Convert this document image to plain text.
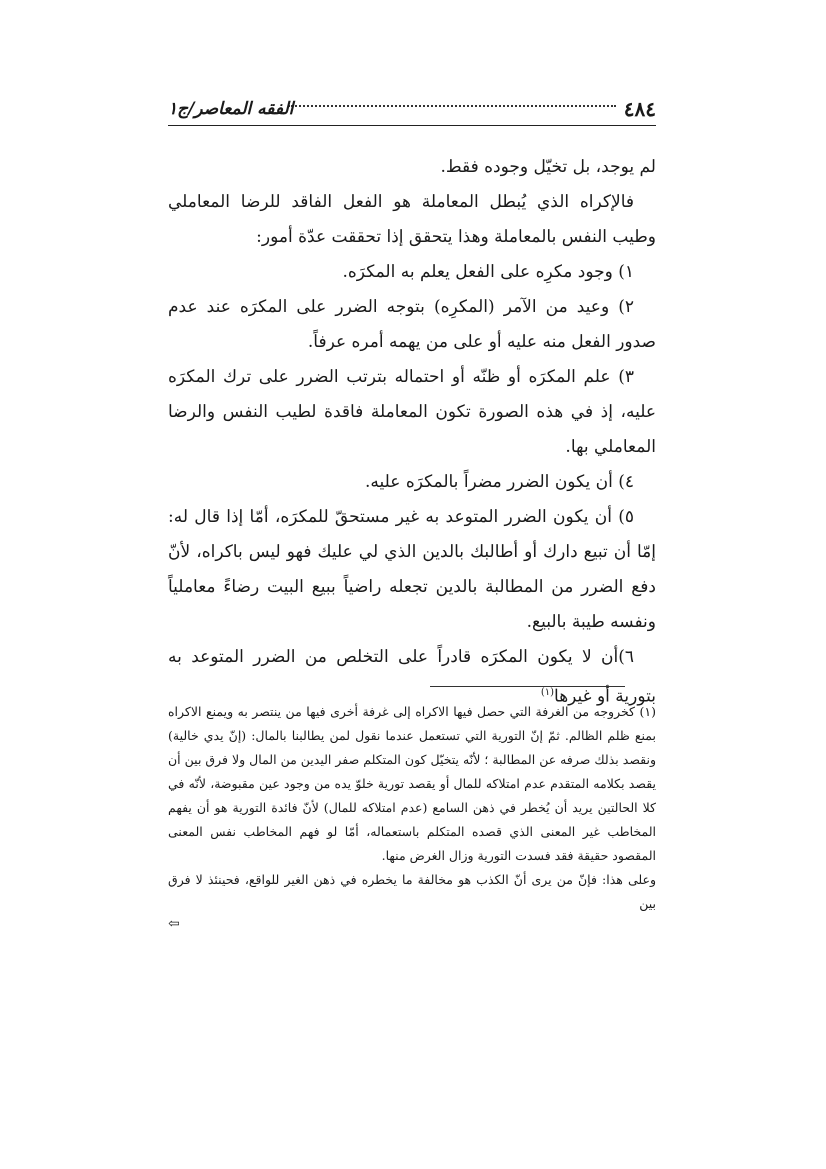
٤٨٤
الفقه المعاصر/ج١

لم يوجد، بل تخيّل وجوده فقط.

فالإكراه الذي يُبطل المعاملة هو الفعل الفاقد للرضا المعاملي وطيب النفس بالمعاملة وهذا يتحقق إذا تحققت عدّة أمور:

١) وجود مكرِه على الفعل يعلم به المكرَه.

٢) وعيد من الآمر (المكرِه) بتوجه الضرر على المكرَه عند عدم صدور الفعل منه عليه أو على من يهمه أمره عرفاً.

٣) علم المكرَه أو ظنّه أو احتماله بترتب الضرر على ترك المكرَه عليه، إذ في هذه الصورة تكون المعاملة فاقدة لطيب النفس والرضا المعاملي بها.

٤) أن يكون الضرر مضراً بالمكرَه عليه.

٥) أن يكون الضرر المتوعد به غير مستحقّ للمكرَه، أمّا إذا قال له: إمّا أن تبيع دارك أو أطالبك بالدين الذي لي عليك فهو ليس باكراه، لأنّ دفع الضرر من المطالبة بالدين تجعله راضياً ببيع البيت رضاءً معاملياً ونفسه طيبة بالبيع.

٦)أن لا يكون المكرَه قادراً على التخلص من الضرر المتوعد به بتورية أو غيرها$^{(١)}$

(١) كخروجه من الغرفة التي حصل فيها الاكراه إلى غرفة أخرى فيها من ينتصر به ويمنع الاكراه بمنع ظلم الظالم. ثمّ إنّ التورية التي تستعمل عندما نقول لمن يطالبنا بالمال: (إنّ يدي خالية) ونقصد بذلك صرفه عن المطالبة ؛ لأنّه يتخيّل كون المتكلم صفر اليدين من المال ولا فرق بين أن يقصد بكلامه المتقدم عدم امتلاكه للمال أو يقصد تورية خلوّ يده من وجود عين مقبوضة، لأنّه في كلا الحالتين يريد أن يُخطر في ذهن السامع (عدم امتلاكه للمال) لأنّ فائدة التورية هو أن يفهم المخاطب غير المعنى الذي قصده المتكلم باستعماله، أمّا لو فهم المخاطب نفس المعنى المقصود حقيقة فقد فسدت التورية وزال الغرض منها.

وعلى هذا: فإنّ من يرى أنّ الكذب هو مخالفة ما يخطره في ذهن الغير للواقع، فحينئذ لا فرق بين

⇦
